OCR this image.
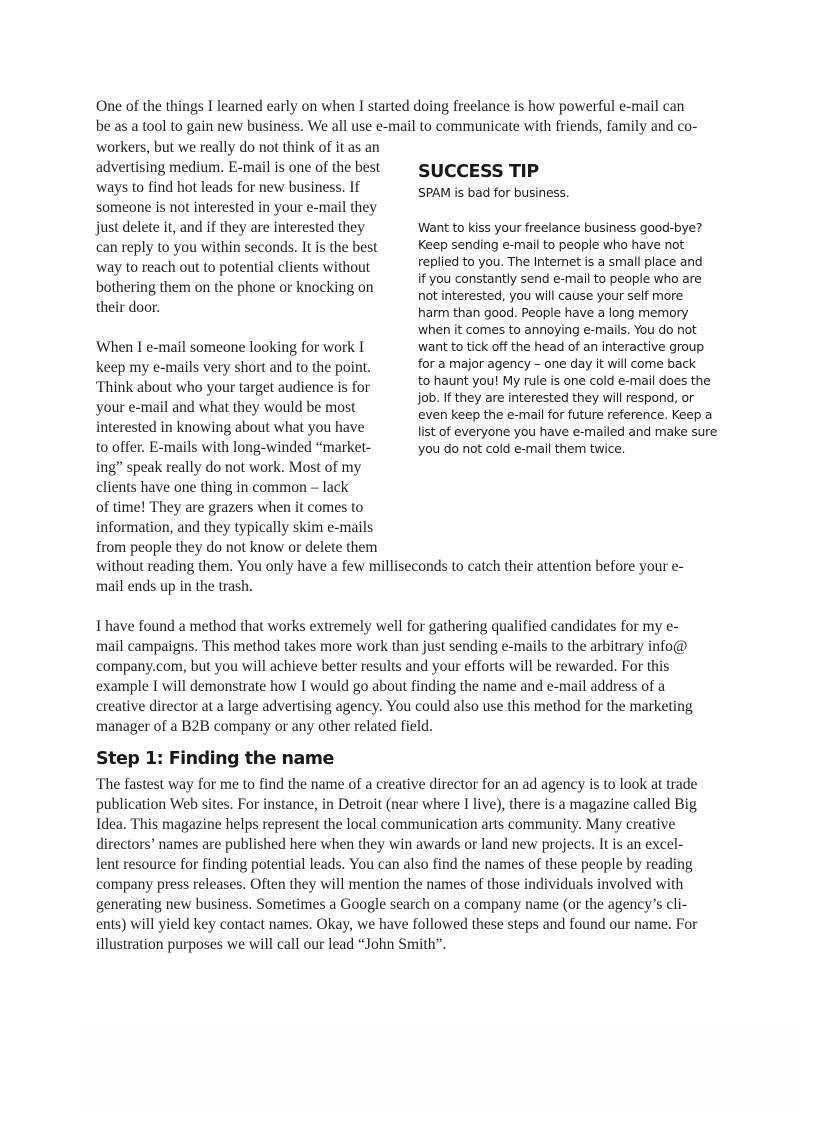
One of the things I learned early on when I started doing freelance is how powerful e-mail can
be as a tool to gain new business. We all use e-mail to communicate with friends, family and co-
workers, but we really do not think of it as an
advertising medium. E-mail is one of the best
ways to find hot leads for new business. If
someone is not interested in your e-mail they
just delete it, and if they are interested they
can reply to you within seconds. It is the best
way to reach out to potential clients without
bothering them on the phone or knocking on
their door.
When I e-mail someone looking for work I
keep my e-mails very short and to the point.
Think about who your target audience is for
your e-mail and what they would be most
interested in knowing about what you have
to offer. E-mails with long-winded “market-
ing” speak really do not work. Most of my
clients have one thing in common – lack
of time! They are grazers when it comes to
information, and they typically skim e-mails
from people they do not know or delete them
without reading them. You only have a few milliseconds to catch their attention before your e-
mail ends up in the trash.
SUCCESS TIP
SPAM is bad for business.
Want to kiss your freelance business good-bye?
Keep sending e-mail to people who have not
replied to you. The Internet is a small place and
if you constantly send e-mail to people who are
not interested, you will cause your self more
harm than good. People have a long memory
when it comes to annoying e-mails. You do not
want to tick off the head of an interactive group
for a major agency – one day it will come back
to haunt you! My rule is one cold e-mail does the
job. If they are interested they will respond, or
even keep the e-mail for future reference. Keep a
list of everyone you have e-mailed and make sure
you do not cold e-mail them twice.
I have found a method that works extremely well for gathering qualified candidates for my e-
mail campaigns. This method takes more work than just sending e-mails to the arbitrary info@
company.com, but you will achieve better results and your efforts will be rewarded. For this
example I will demonstrate how I would go about finding the name and e-mail address of a
creative director at a large advertising agency. You could also use this method for the marketing
manager of a B2B company or any other related field.
Step 1: Finding the name
The fastest way for me to find the name of a creative director for an ad agency is to look at trade
publication Web sites. For instance, in Detroit (near where I live), there is a magazine called Big
Idea. This magazine helps represent the local communication arts community. Many creative
directors’ names are published here when they win awards or land new projects. It is an excel-
lent resource for finding potential leads. You can also find the names of these people by reading
company press releases. Often they will mention the names of those individuals involved with
generating new business. Sometimes a Google search on a company name (or the agency’s cli-
ents) will yield key contact names. Okay, we have followed these steps and found our name. For
illustration purposes we will call our lead “John Smith”.
